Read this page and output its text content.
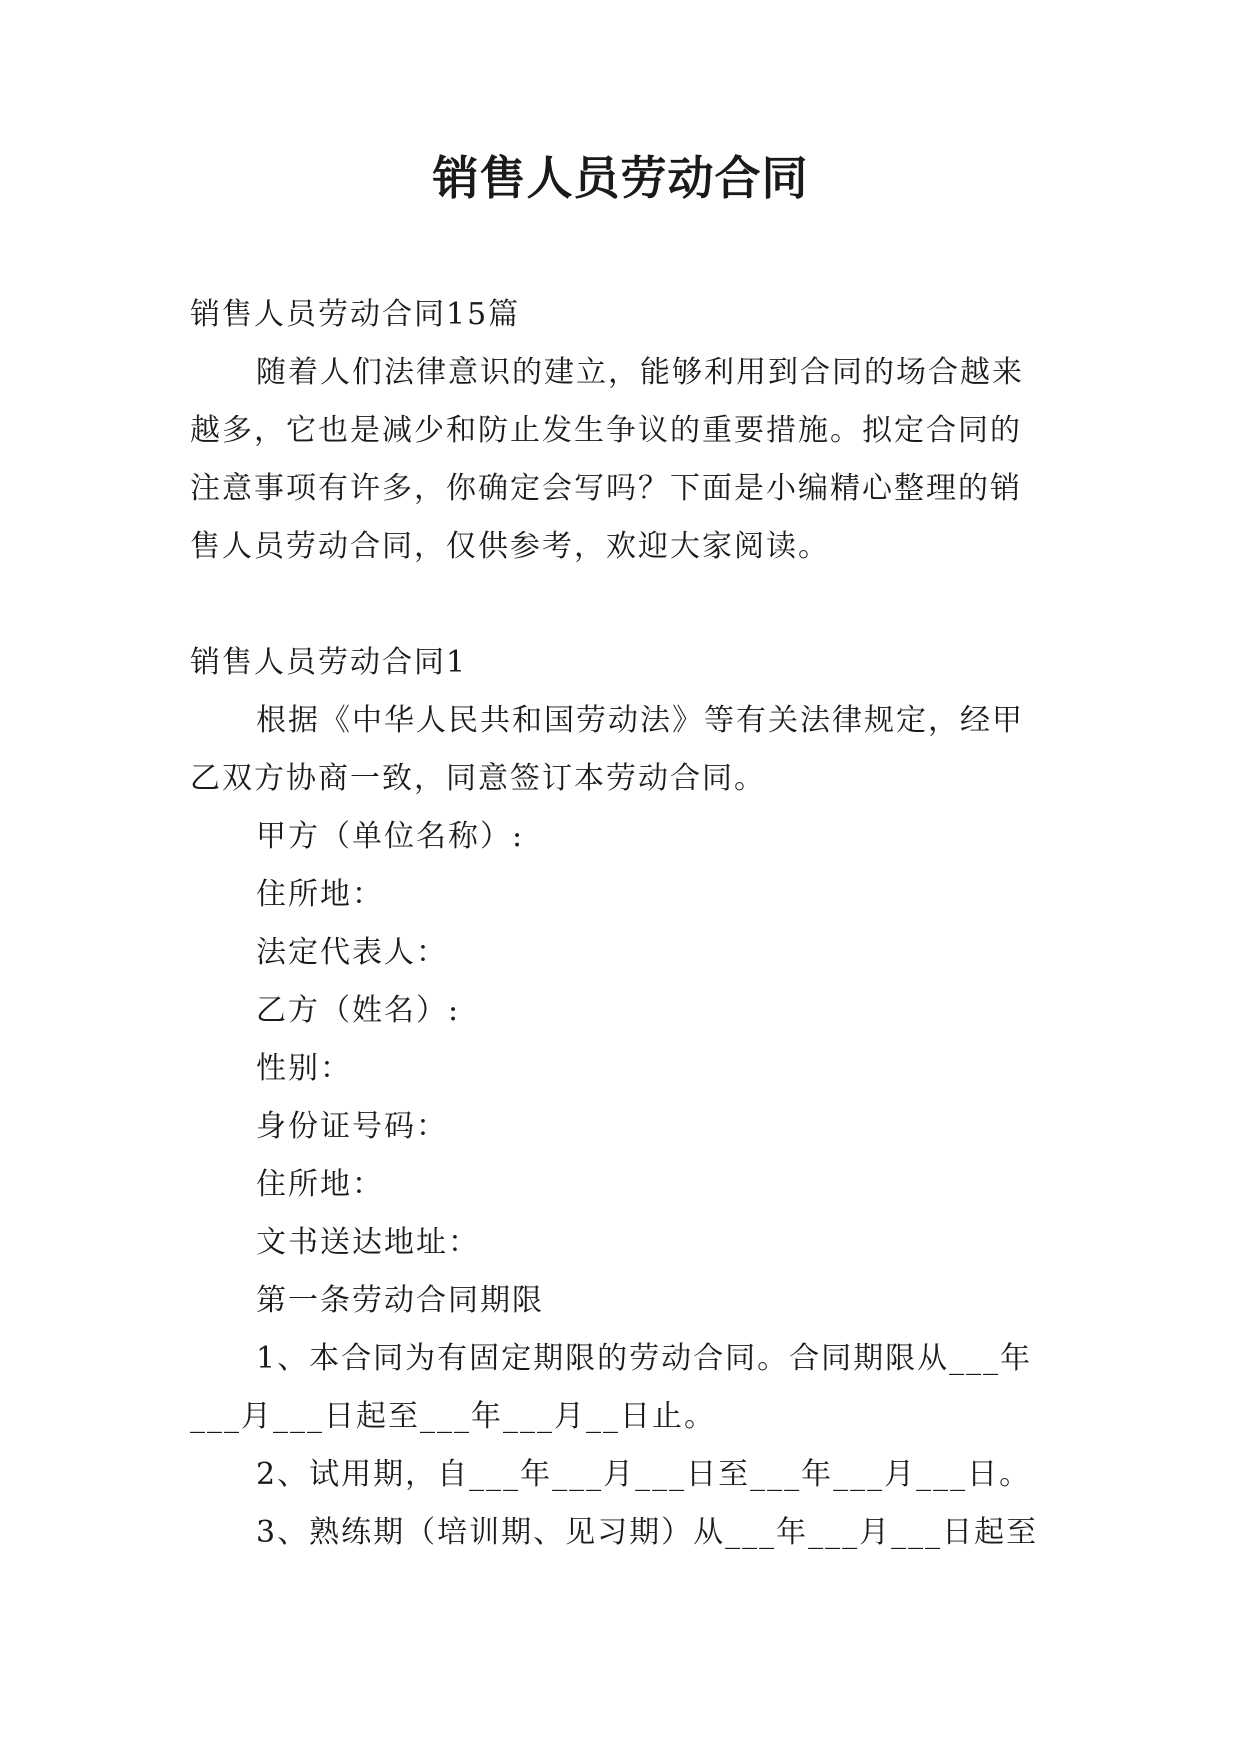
销售人员劳动合同
销售人员劳动合同15篇
随着人们法律意识的建立，能够利用到合同的场合越来
越多，它也是减少和防止发生争议的重要措施。拟定合同的
注意事项有许多，你确定会写吗？下面是小编精心整理的销
售人员劳动合同，仅供参考，欢迎大家阅读。
销售人员劳动合同1
根据《中华人民共和国劳动法》等有关法律规定，经甲
乙双方协商一致，同意签订本劳动合同。
甲方（单位名称）:
住所地：
法定代表人：
乙方（姓名）:
性别：
身份证号码：
住所地：
文书送达地址：
第一条劳动合同期限
1、本合同为有固定期限的劳动合同。合同期限从___年
___月___日起至___年___月__日止。
2、试用期，自___年___月___日至___年___月___日。
3、熟练期（培训期、见习期）从___年___月___日起至
